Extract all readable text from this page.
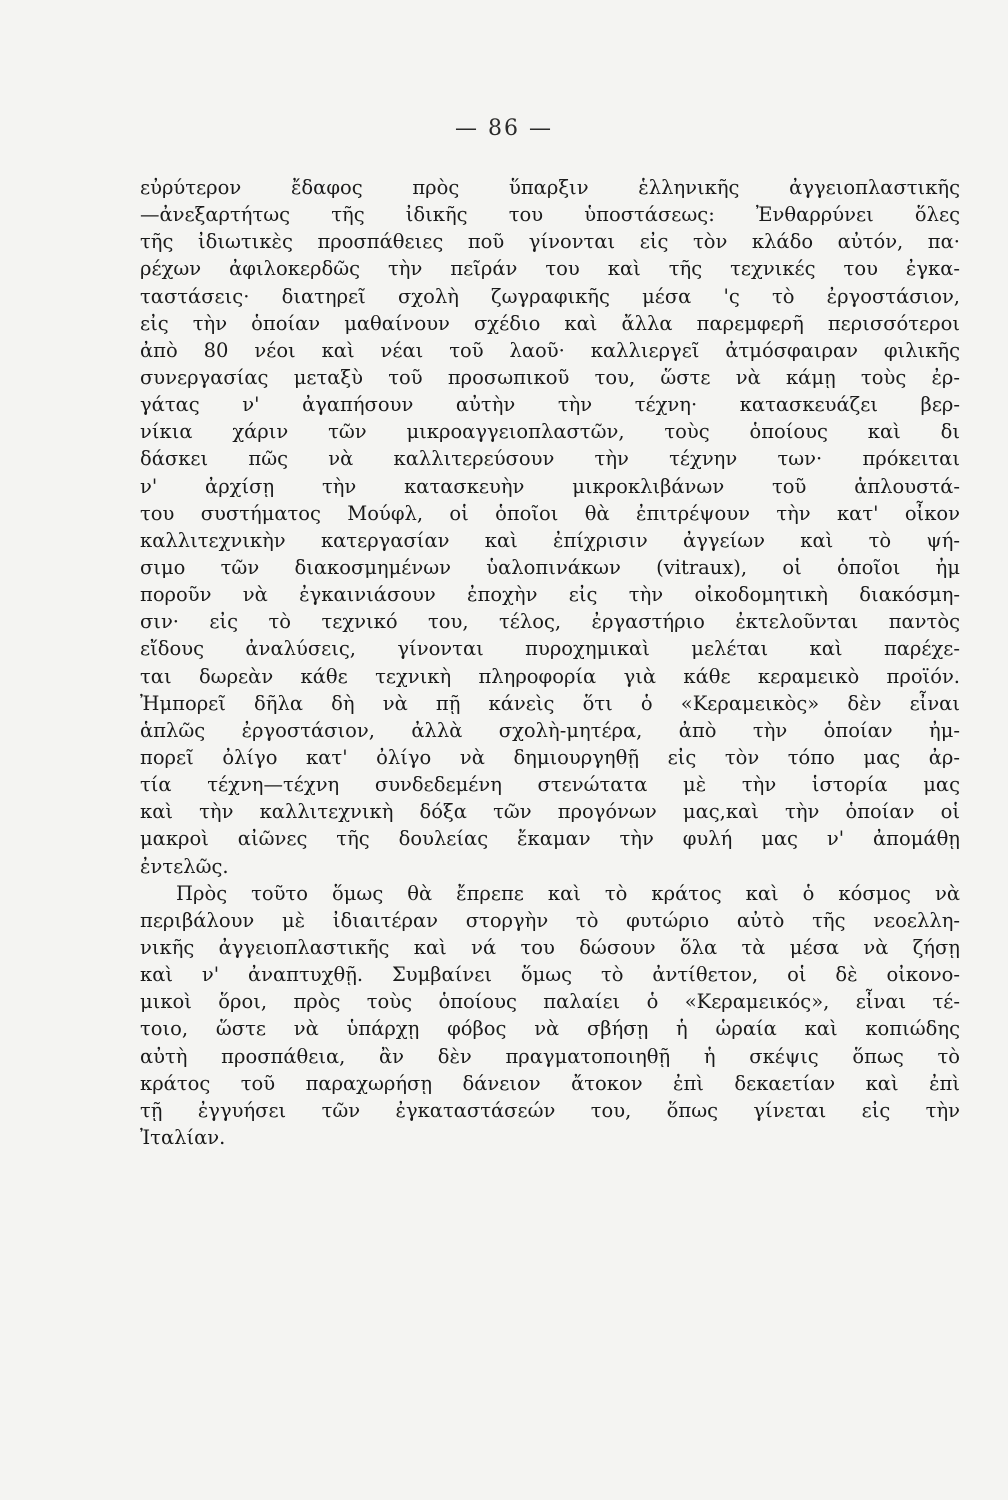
— 86 —
εὐρύτερον ἔδαφος πρὸς ὕπαρξιν ἑλληνικῆς ἀγγειοπλαστικῆς
—ἀνεξαρτήτως τῆς ἰδικῆς του ὑποστάσεως: Ἐνθαρρύνει ὅλες
τῆς ἰδιωτικὲς προσπάθειες ποῦ γίνονται εἰς τὸν κλάδο αὐτόν, πα·
ρέχων ἀφιλοκερδῶς τὴν πεῖράν του καὶ τῆς τεχνικές του ἐγκα-
ταστάσεις· διατηρεῖ σχολὴ ζωγραφικῆς μέσα 'ς τὸ ἐργοστάσιον,
εἰς τὴν ὁποίαν μαθαίνουν σχέδιο καὶ ἄλλα παρεμφερῆ περισσότεροι
ἀπὸ 80 νέοι καὶ νέαι τοῦ λαοῦ· καλλιεργεῖ ἀτμόσφαιραν φιλικῆς
συνεργασίας μεταξὺ τοῦ προσωπικοῦ του, ὥστε νὰ κάμῃ τοὺς ἐρ-
γάτας ν' ἀγαπήσουν αὐτὴν τὴν τέχνη· κατασκευάζει βερ-
νίκια χάριν τῶν μικροαγγειοπλαστῶν, τοὺς ὁποίους καὶ δι
δάσκει πῶς νὰ καλλιτερεύσουν τὴν τέχνην των· πρόκειται
ν' ἀρχίσῃ τὴν κατασκευὴν μικροκλιβάνων τοῦ ἁπλουστά-
του συστήματος Μούφλ, οἱ ὁποῖοι θὰ ἐπιτρέψουν τὴν κατ' οἶκον
καλλιτεχνικὴν κατεργασίαν καὶ ἐπίχρισιν ἀγγείων καὶ τὸ ψή-
σιμο τῶν διακοσμημένων ὑαλοπινάκων (vitraux), οἱ ὁποῖοι ἠμ
ποροῦν νὰ ἐγκαινιάσουν ἐποχὴν εἰς τὴν οἰκοδομητικὴ διακόσμη-
σιν· εἰς τὸ τεχνικό του, τέλος, ἐργαστήριο ἐκτελοῦνται παντὸς
εἴδους ἀναλύσεις, γίνονται πυροχημικαὶ μελέται καὶ παρέχε-
ται δωρεὰν κάθε τεχνικὴ πληροφορία γιὰ κάθε κεραμεικὸ προϊόν.
Ἠμπορεῖ δῆλα δὴ νὰ πῇ κάνεὶς ὅτι ὁ «Κεραμεικὸς» δὲν εἶναι
ἁπλῶς ἐργοστάσιον, ἀλλὰ σχολὴ-μητέρα, ἀπὸ τὴν ὁποίαν ἠμ-
πορεῖ ὀλίγο κατ' ὀλίγο νὰ δημιουργηθῇ εἰς τὸν τόπο μας ἀρ-
τία τέχνη—τέχνη συνδεδεμένη στενώτατα μὲ τὴν ἱστορία μας
καὶ τὴν καλλιτεχνικὴ δόξα τῶν προγόνων μας,καὶ τὴν ὁποίαν οἱ
μακροὶ αἰῶνες τῆς δουλείας ἔκαμαν τὴν φυλή μας ν' ἀπομάθῃ
ἐντελῶς.
Πρὸς τοῦτο ὅμως θὰ ἔπρεπε καὶ τὸ κράτος καὶ ὁ κόσμος νὰ
περιβάλουν μὲ ἰδιαιτέραν στοργὴν τὸ φυτώριο αὐτὸ τῆς νεοελλη-
νικῆς ἀγγειοπλαστικῆς καὶ νά του δώσουν ὅλα τὰ μέσα νὰ ζήσῃ
καὶ ν' ἀναπτυχθῇ. Συμβαίνει ὅμως τὸ ἀντίθετον, οἱ δὲ οἰκονο-
μικοὶ ὅροι, πρὸς τοὺς ὁποίους παλαίει ὁ «Κεραμεικός», εἶναι τέ-
τοιο, ὥστε νὰ ὑπάρχῃ φόβος νὰ σβήσῃ ἡ ὡραία καὶ κοπιώδης
αὐτὴ προσπάθεια, ἂν δὲν πραγματοποιηθῇ ἡ σκέψις ὅπως τὸ
κράτος τοῦ παραχωρήσῃ δάνειον ἄτοκον ἐπὶ δεκαετίαν καὶ ἐπὶ
τῇ ἐγγυήσει τῶν ἐγκαταστάσεών του, ὅπως γίνεται εἰς τὴν
Ἰταλίαν.
